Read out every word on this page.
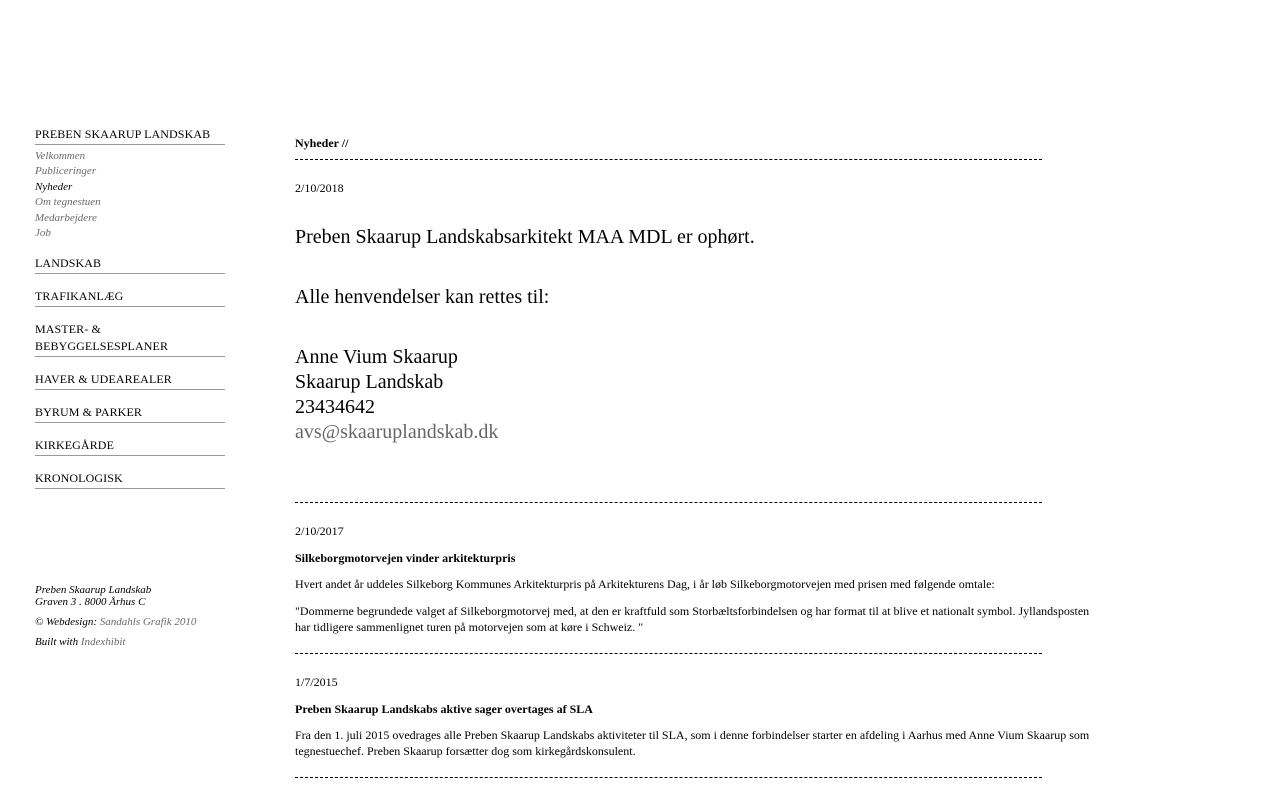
PREBEN SKAARUP LANDSKAB
Velkommen
Publiceringer
Nyheder
Om tegnestuen
Medarbejdere
Job
LANDSKAB
TRAFIKANLÆG
MASTER- & BEBYGGELSESPLANER
HAVER & UDEAREALER
BYRUM & PARKER
KIRKEGÅRDE
KRONOLOGISK

Preben Skaarup Landskab
Graven 3 . 8000 Århus C

© Webdesign: Sandahls Grafik 2010

Built with Indexhibit

Nyheder //
2/10/2018
Preben Skaarup Landskabsarkitekt MAA MDL er ophørt.
Alle henvendelser kan rettes til:
Anne Vium Skaarup
Skaarup Landskab
23434642
avs@skaaruplandskab.dk
2/10/2017
Silkeborgmotorvejen vinder arkitekturpris
Hvert andet år uddeles Silkeborg Kommunes Arkitekturpris på Arkitekturens Dag, i år løb Silkeborgmotorvejen med prisen med følgende omtale:
"Dommerne begrundede valget af Silkeborgmotorvej med, at den er kraftfuld som Storbæltsforbindelsen og har format til at blive et nationalt symbol. Jyllandsposten har tidligere sammenlignet turen på motorvejen som at køre i Schweiz. "
1/7/2015
Preben Skaarup Landskabs aktive sager overtages af SLA
Fra den 1. juli 2015 ovedrages alle Preben Skaarup Landskabs aktiviteter til SLA, som i denne forbindelser starter en afdeling i Aarhus med Anne Vium Skaarup som tegnestuechef. Preben Skaarup forsætter dog som kirkegårdskonsulent.
